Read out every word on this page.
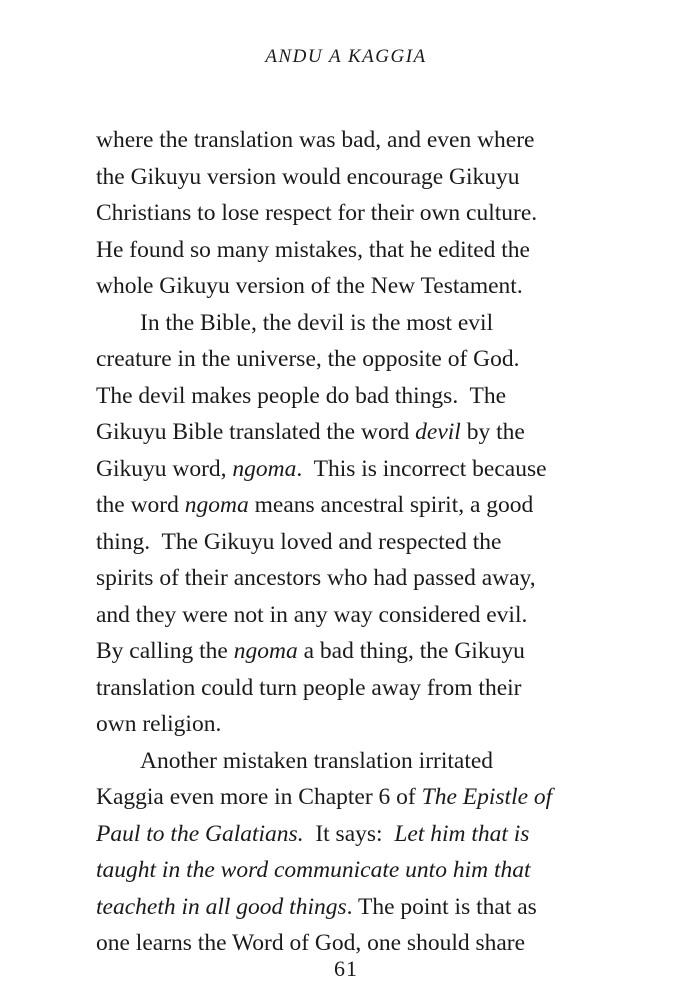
ANDU A KAGGIA
where the translation was bad, and even where
the Gikuyu version would encourage Gikuyu
Christians to lose respect for their own culture.
He found so many mistakes, that he edited the
whole Gikuyu version of the New Testament.
In the Bible, the devil is the most evil
creature in the universe, the opposite of God.
The devil makes people do bad things.  The
Gikuyu Bible translated the word devil by the
Gikuyu word, ngoma.  This is incorrect because
the word ngoma means ancestral spirit, a good
thing.  The Gikuyu loved and respected the
spirits of their ancestors who had passed away,
and they were not in any way considered evil.
By calling the ngoma a bad thing, the Gikuyu
translation could turn people away from their
own religion.
Another mistaken translation irritated
Kaggia even more in Chapter 6 of The Epistle of
Paul to the Galatians.  It says:  Let him that is
taught in the word communicate unto him that
teacheth in all good things. The point is that as
one learns the Word of God, one should share
61
